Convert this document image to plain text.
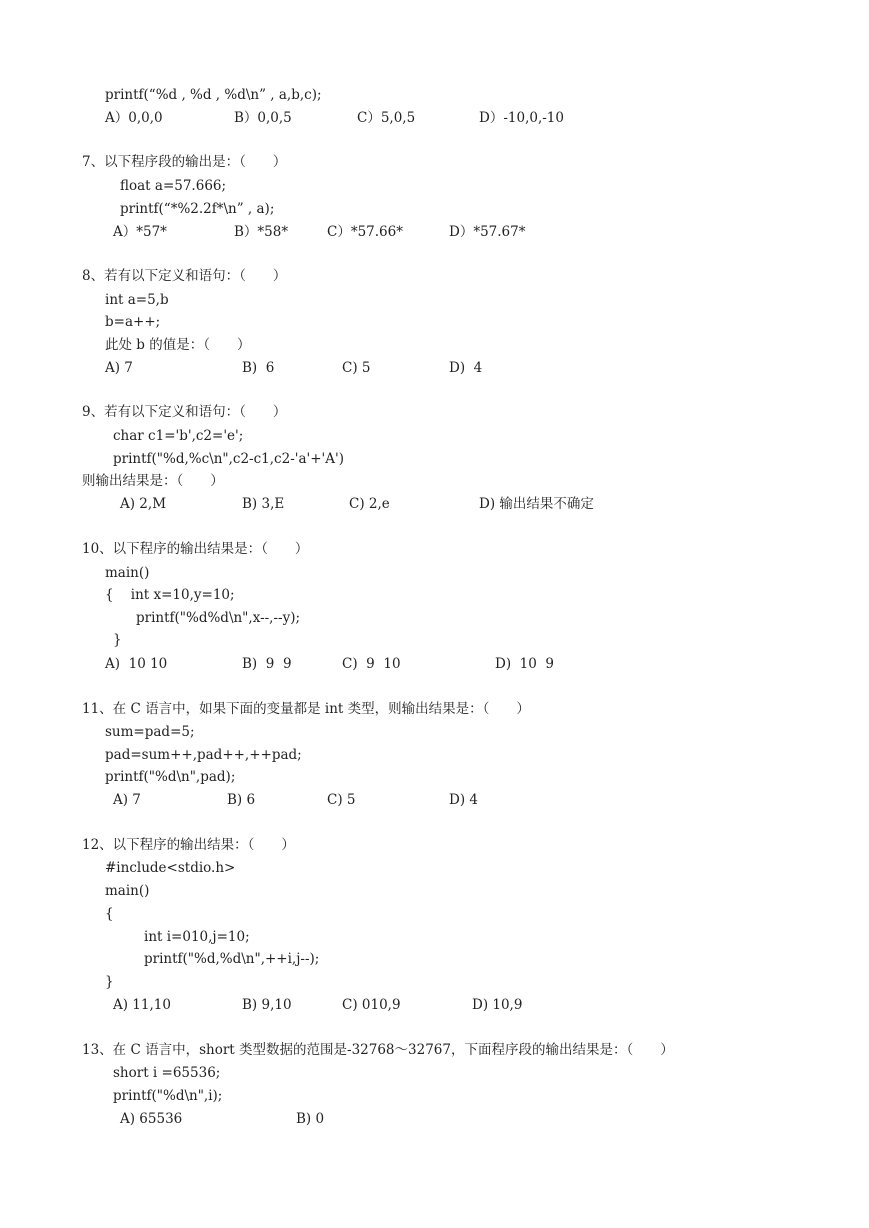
printf(“%d , %d , %d\n” , a,b,c);
A）0,0,0	B）0,0,5	C）5,0,5	D）-10,0,-10
7、以下程序段的输出是：（　　）
float a=57.666;
printf(“*%2.2f*\n” , a);
A）*57*	B）*58*	C）*57.66*	D）*57.67*
8、若有以下定义和语句：（　　）
int a=5,b
b=a++;
此处 b 的值是：（　　）
A) 7	B)  6	C) 5	D)  4
9、若有以下定义和语句：（　　）
char c1='b',c2='e';
printf("%d,%c\n",c2-c1,c2-'a'+'A')
则输出结果是：（　　）
A) 2,M	B) 3,E	C) 2,e	D) 输出结果不确定
10、以下程序的输出结果是：（　　）
main()
{    int x=10,y=10;
printf("%d%d\n",x--,--y);
}
A)  10 10	B)  9  9	C)  9  10	D)  10  9
11、在 C 语言中，如果下面的变量都是 int 类型，则输出结果是：（　　）
sum=pad=5;
pad=sum++,pad++,++pad;
printf("%d\n",pad);
A) 7	B) 6	C) 5	D) 4
12、以下程序的输出结果：（　　）
#include<stdio.h>
main()
{
int i=010,j=10;
printf("%d,%d\n",++i,j--);
}
A) 11,10	B) 9,10	C) 010,9	D) 10,9
13、在 C 语言中，short 类型数据的范围是-32768～32767，下面程序段的输出结果是：（　　）
short i =65536;
printf("%d\n",i);
A) 65536	B) 0
